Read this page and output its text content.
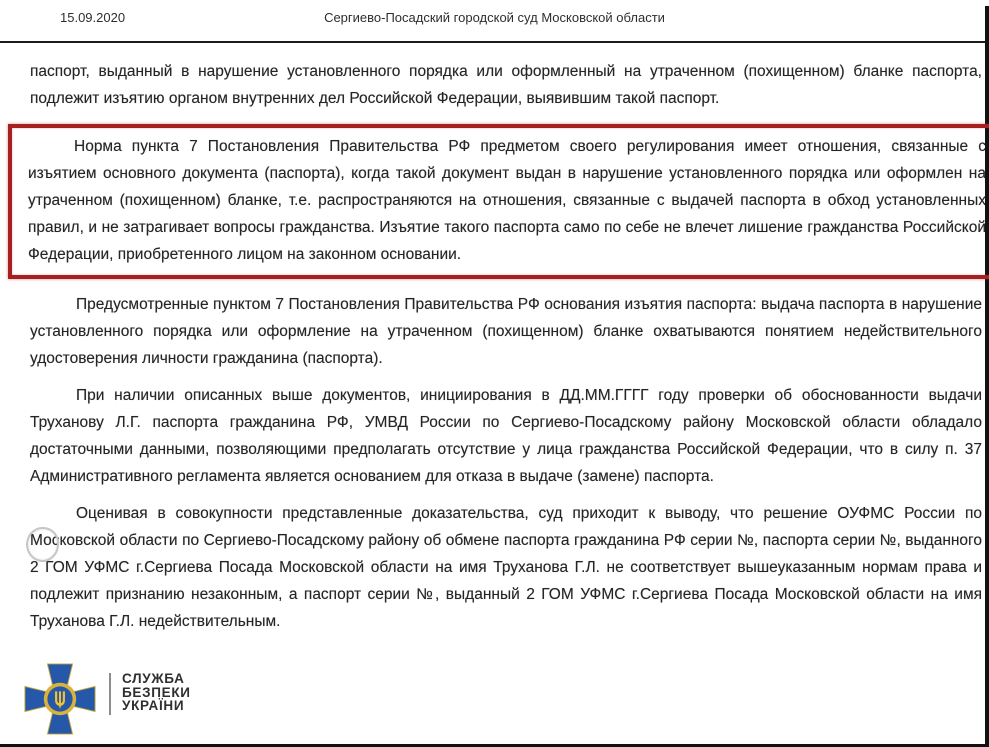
15.09.2020	Сергиево-Посадский городской суд Московской области

паспорт, выданный в нарушение установленного порядка или оформленный на утраченном (похищенном) бланке паспорта, подлежит изъятию органом внутренних дел Российской Федерации, выявившим такой паспорт.

Норма пункта 7 Постановления Правительства РФ предметом своего регулирования имеет отношения, связанные с изъятием основного документа (паспорта), когда такой документ выдан в нарушение установленного порядка или оформлен на утраченном (похищенном) бланке, т.е. распространяются на отношения, связанные с выдачей паспорта в обход установленных правил, и не затрагивает вопросы гражданства. Изъятие такого паспорта само по себе не влечет лишение гражданства Российской Федерации, приобретенного лицом на законном основании.

Предусмотренные пунктом 7 Постановления Правительства РФ основания изъятия паспорта: выдача паспорта в нарушение установленного порядка или оформление на утраченном (похищенном) бланке охватываются понятием недействительного удостоверения личности гражданина (паспорта).

При наличии описанных выше документов, инициирования в ДД.ММ.ГГГГ году проверки об обоснованности выдачи Труханову Л.Г. паспорта гражданина РФ, УМВД России по Сергиево-Посадскому району Московской области обладало достаточными данными, позволяющими предполагать отсутствие у лица гражданства Российской Федерации, что в силу п. 37 Административного регламента является основанием для отказа в выдаче (замене) паспорта.

Оценивая в совокупности представленные доказательства, суд приходит к выводу, что решение ОУФМС России по Московской области по Сергиево-Посадскому району об обмене паспорта гражданина РФ серии №, паспорта серии №, выданного 2 ГОМ УФМС г.Сергиева Посада Московской области на имя Труханова Г.Л. не соответствует вышеуказанным нормам права и подлежит признанию незаконным, а паспорт серии №, выданный 2 ГОМ УФМС г.Сергиева Посада Московской области на имя Труханова Г.Л. недействительным.

СЛУЖБА
БЕЗПЕКИ
УКРАЇНИ
